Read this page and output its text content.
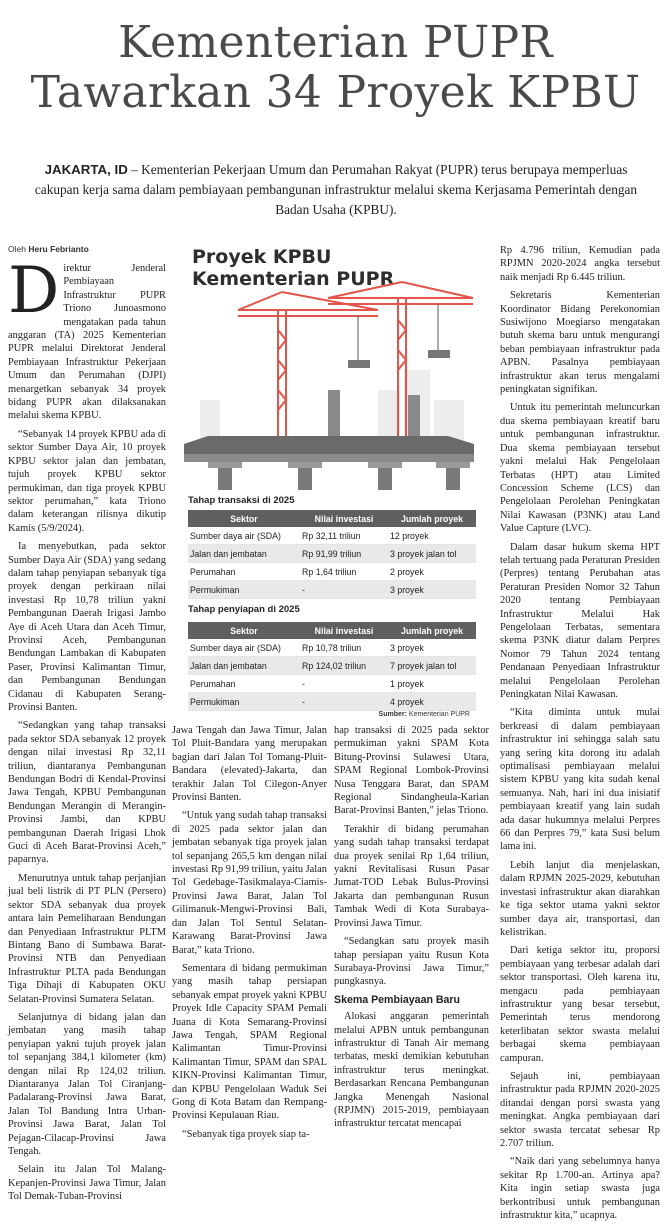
Kementerian PUPR
Tawarkan 34 Proyek KPBU
JAKARTA, ID – Kementerian Pekerjaan Umum dan Perumahan Rakyat (PUPR) terus berupaya memperluas cakupan kerja sama dalam pembiayaan pembangunan infrastruktur melalui skema Kerjasama Pemerintah dengan Badan Usaha (KPBU).
Oleh Heru Febrianto

Direktur Jenderal Pembiayaan Infrastruktur PUPR Triono Junoasmono mengatakan pada tahun anggaran (TA) 2025 Kementerian PUPR melalui Direktorat Jenderal Pembiayaan Infrastruktur Pekerjaan Umum dan Perumahan (DJPI) menargetkan sebanyak 34 proyek bidang PUPR akan dilaksanakan melalui skema KPBU.

“Sebanyak 14 proyek KPBU ada di sektor Sumber Daya Air, 10 proyek KPBU sektor jalan dan jembatan, tujuh proyek KPBU sektor permukiman, dan tiga proyek KPBU sektor perumahan,” kata Triono dalam keterangan rilisnya dikutip Kamis (5/9/2024).

Ia menyebutkan, pada sektor Sumber Daya Air (SDA) yang sedang dalam tahap penyiapan sebanyak tiga proyek dengan perkiraan nilai investasi Rp 10,78 triliun yakni Pembangunan Daerah Irigasi Jambo Aye di Aceh Utara dan Aceh Timur, Provinsi Aceh, Pembangunan Bendungan Lambakan di Kabupaten Paser, Provinsi Kalimantan Timur, dan Pembangunan Bendungan Cidanau di Kabupaten Serang-Provinsi Banten.

“Sedangkan yang tahap transaksi pada sektor SDA sebanyak 12 proyek dengan nilai investasi Rp 32,11 triliun, diantaranya Pembangunan Bendungan Bodri di Kendal-Provinsi Jawa Tengah, KPBU Pembangunan Bendungan Merangin di Merangin- Provinsi Jambi, dan KPBU pembangunan Daerah Irigasi Lhok Guci di Aceh Barat-Provinsi Aceh,” paparnya.

Menurutnya untuk tahap perjanjian jual beli listrik di PT PLN (Persero) sektor SDA sebanyak dua proyek antara lain Pemeliharaan Bendungan dan Penyediaan Infrastruktur PLTM Bintang Bano di Sumbawa Barat-Provinsi NTB dan Penyediaan Infrastruktur PLTA pada Bendungan Tiga Dihaji di Kabupaten OKU Selatan-Provinsi Sumatera Selatan.

Selanjutnya di bidang jalan dan jembatan yang masih tahap penyiapan yakni tujuh proyek jalan tol sepanjang 384,1 kilometer (km) dengan nilai Rp 124,02 triliun. Diantaranya Jalan Tol Ciranjang-Padalarang-Provinsi Jawa Barat, Jalan Tol Bandung Intra Urban-Provinsi Jawa Barat, Jalan Tol Pejagan-Cilacap-Provinsi Jawa Tengah.

Selain itu Jalan Tol Malang-Kepanjen-Provinsi Jawa Timur, Jalan Tol Demak-Tuban-Provinsi

Proyek KPBU
Kementerian PUPR
Tahap transaksi di 2025
Sektor	Nilai investasi	Jumlah proyek
Sumber daya air (SDA)	Rp 32,11 triliun	12 proyek
Jalan dan jembatan	Rp 91,99 triliun	3 proyek jalan tol
Perumahan	Rp 1,64 triliun	2 proyek
Permukiman	-	3 proyek
Tahap penyiapan di 2025
Sektor	Nilai investasi	Jumlah proyek
Sumber daya air (SDA)	Rp 10,78 triliun	3 proyek
Jalan dan jembatan	Rp 124,02 triliun	7 proyek jalan tol
Perumahan	-	1 proyek
Permukiman	-	4 proyek
Sumber: Kementerian PUPR

Jawa Tengah dan Jawa Timur, Jalan Tol Pluit-Bandara yang merupakan bagian dari Jalan Tol Tomang-Pluit-Bandara (elevated)-Jakarta, dan terakhir Jalan Tol Cilegon-Anyer Provinsi Banten.

“Untuk yang sudah tahap transaksi di 2025 pada sektor jalan dan jembatan sebanyak tiga proyek jalan tol sepanjang 265,5 km dengan nilai investasi Rp 91,99 triliun, yaitu Jalan Tol Gedebage-Tasikmalaya-Ciamis-Provinsi Jawa Barat, Jalan Tol Gilimanuk-Mengwi-Provinsi Bali, dan Jalan Tol Sentul Selatan-Karawang Barat-Provinsi Jawa Barat,” kata Triono.

Sementara di bidang permukiman yang masih tahap persiapan sebanyak empat proyek yakni KPBU Proyek Idle Capacity SPAM Pemali Juana di Kota Semarang-Provinsi Jawa Tengah, SPAM Regional Kalimantan Timur-Provinsi Kalimantan Timur, SPAM dan SPAL KIKN-Provinsi Kalimantan Timur, dan KPBU Pengelolaan Waduk Sei Gong di Kota Batam dan Rempang-Provinsi Kepulauan Riau.

“Sebanyak tiga proyek siap ta-

hap transaksi di 2025 pada sektor permukiman yakni SPAM Kota Bitung-Provinsi Sulawesi Utara, SPAM Regional Lombok-Provinsi Nusa Tenggara Barat, dan SPAM Regional Sindangheula-Karian Barat-Provinsi Banten,” jelas Triono.

Terakhir di bidang perumahan yang sudah tahap transaksi terdapat dua proyek senilai Rp 1,64 triliun, yakni Revitalisasi Rusun Pasar Jumat-TOD Lebak Bulus-Provinsi Jakarta dan pembangunan Rusun Tambak Wedi di Kota Surabaya-Provinsi Jawa Timur.

“Sedangkan satu proyek masih tahap persiapan yaitu Rusun Kota Surabaya-Provinsi Jawa Timur,” pungkasnya.

Skema Pembiayaan Baru

Alokasi anggaran pemerintah melalui APBN untuk pembangunan infrastruktur di Tanah Air memang terbatas, meski demikian kebutuhan infrastruktur terus meningkat. Berdasarkan Rencana Pembangunan Jangka Menengah Nasional (RPJMN) 2015-2019, pembiayaan infrastruktur tercatat mencapai

Rp 4.796 triliun, Kemudian pada RPJMN 2020-2024 angka tersebut naik menjadi Rp 6.445 triliun.

Sekretaris Kementerian Koordinator Bidang Perekonomian Susiwijono Moegiarso mengatakan butuh skema baru untuk mengurangi beban pembiayaan infrastruktur pada APBN. Pasalnya pembiayaan infrastruktur akan terus mengalami peningkatan signifikan.

Untuk itu pemerintah meluncurkan dua skema pembiayaan kreatif baru untuk pembangunan infrastruktur. Dua skema pembiayaan tersebut yakni melalui Hak Pengelolaan Terbatas (HPT) atau Limited Concession Scheme (LCS) dan Pengelolaan Perolehan Peningkatan Nilai Kawasan (P3NK) atau Land Value Capture (LVC).

Dalam dasar hukum skema HPT telah tertuang pada Peraturan Presiden (Perpres) tentang Perubahan atas Peraturan Presiden Nomor 32 Tahun 2020 tentang Pembiayaan Infrastruktur Melalui Hak Pengelolaan Terbatas, sementara skema P3NK diatur dalam Perpres Nomor 79 Tahun 2024 tentang Pendanaan Penyediaan Infrastruktur melalui Pengelolaan Perolehan Peningkatan Nilai Kawasan.

“Kita diminta untuk mulai berkreasi di dalam pembiayaan infrastruktur ini sehingga salah satu yang sering kita dorong itu adalah optimalisasi pembiayaan melalui sistem KPBU yang kita sudah kenal semuanya. Nah, hari ini dua inisiatif pembiayaan kreatif yang lain sudah ada dasar hukumnya melalui Perpres 66 dan Perpres 79,” kata Susi belum lama ini.

Lebih lanjut dia menjelaskan, dalam RPJMN 2025-2029, kebutuhan investasi infrastruktur akan diarahkan ke tiga sektor utama yakni sektor sumber daya air, transportasi, dan kelistrikan.

Dari ketiga sektor itu, proporsi pembiayaan yang terbesar adalah dari sektor transportasi. Oleh karena itu, mengacu pada pembiayaan infrastruktur yang besar tersebut, Pemerintah terus mendorong keterlibatan sektor swasta melalui berbagai skema pembiayaan campuran.

Sejauh ini, pembiayaan infrastruktur pada RPJMN 2020-2025 ditandai dengan porsi swasta yang meningkat. Angka pembiayaan dari sektor swasta tercatat sebesar Rp 2.707 triliun.

“Naik dari yang sebelumnya hanya sekitar Rp 1.700-an. Artinya apa? Kita ingin setiap swasta juga berkontribusi untuk pembangunan infrastruktur kita,” ucapnya.
